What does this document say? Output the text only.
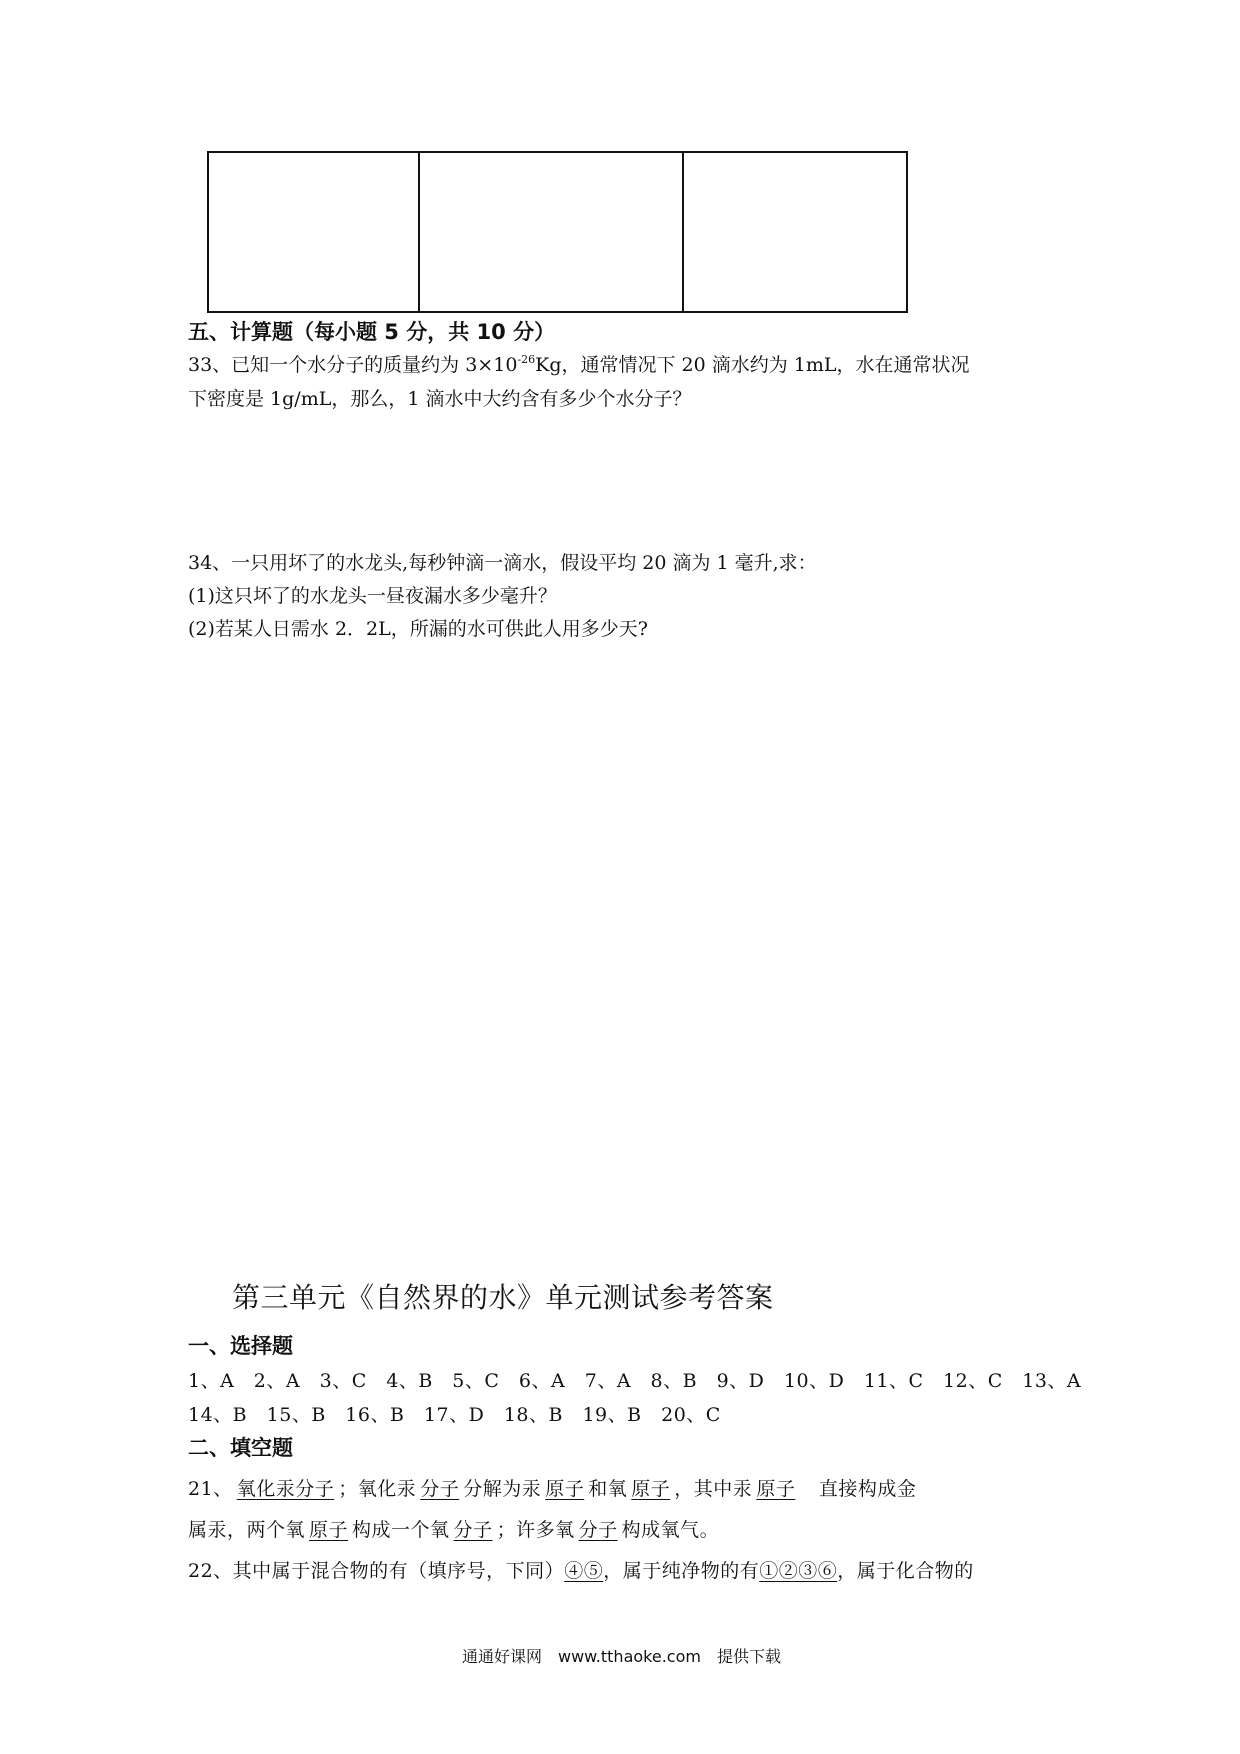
五、计算题（每小题 5 分，共 10 分）
33、已知一个水分子的质量约为 $3\times 10^{-26}Kg$，通常情况下 20 滴水约为 1mL，水在通常状况
下密度是 1g/mL，那么，1 滴水中大约含有多少个水分子？
34、一只用坏了的水龙头,每秒钟滴一滴水，假设平均 20 滴为 1 毫升,求：
(1)这只坏了的水龙头一昼夜漏水多少毫升？
(2)若某人日需水 2．2L，所漏的水可供此人用多少天?
第三单元《自然界的水》单元测试参考答案
一、选择题
1、A　2、A　3、C　4、B　5、C　6、A　7、A　8、B　9、D　10、D　11、C　12、C　13、A
14、B　15、B　16、B　17、D　18、B　19、B　20、C
二、填空题
21、 氧化汞分子 ；氧化汞 分子 分解为汞 原子 和氧 原子 ，其中汞 原子　直接构成金
属汞，两个氧 原子 构成一个氧 分子 ；许多氧 分子 构成氧气。
22、其中属于混合物的有（填序号，下同）④⑤，属于纯净物的有①②③⑥，属于化合物的
通通好课网　www.tthaoke.com　提供下载
